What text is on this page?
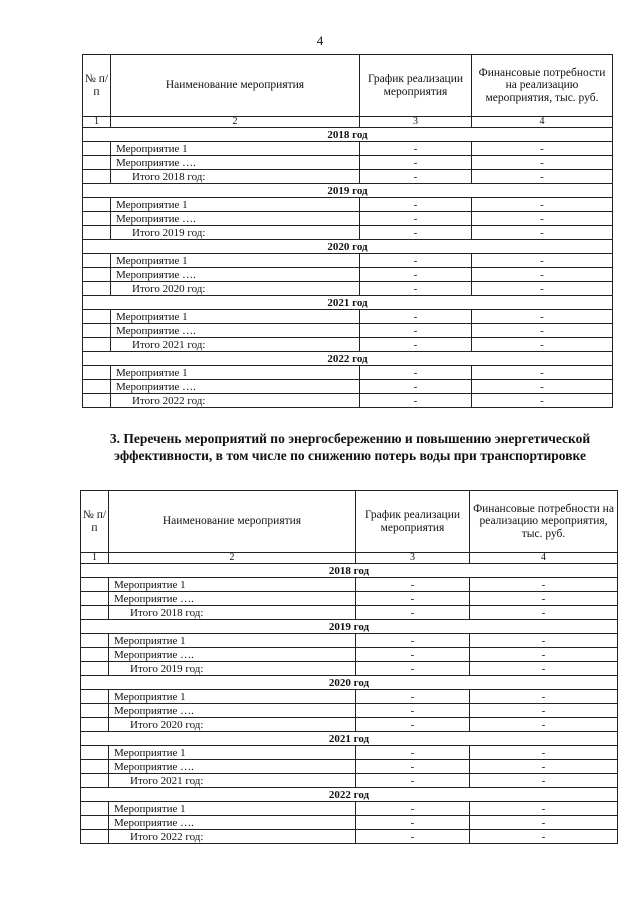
4
№ п/п	Наименование мероприятия	График реализации мероприятия	Финансовые потребности на реализацию мероприятия, тыс. руб.
1	2	3	4
2018 год			
	Мероприятие 1	-	-
	Мероприятие ….	-	-
	Итого 2018 год:	-	-
2019 год			
	Мероприятие 1	-	-
	Мероприятие ….	-	-
	Итого 2019 год:	-	-
2020 год			
	Мероприятие 1	-	-
	Мероприятие ….	-	-
	Итого 2020 год:	-	-
2021 год			
	Мероприятие 1	-	-
	Мероприятие ….	-	-
	Итого 2021 год:	-	-
2022 год			
	Мероприятие 1	-	-
	Мероприятие ….	-	-
	Итого 2022 год:	-	-
3. Перечень мероприятий по энергосбережению и повышению энергетической эффективности, в том числе по снижению потерь воды при транспортировке
№ п/п	Наименование мероприятия	График реализации мероприятия	Финансовые потребности на реализацию мероприятия, тыс. руб.
1	2	3	4
2018 год			
	Мероприятие 1	-	-
	Мероприятие ….	-	-
	Итого 2018 год:	-	-
2019 год			
	Мероприятие 1	-	-
	Мероприятие ….	-	-
	Итого 2019 год:	-	-
2020 год			
	Мероприятие 1	-	-
	Мероприятие ….	-	-
	Итого 2020 год:	-	-
2021 год			
	Мероприятие 1	-	-
	Мероприятие ….	-	-
	Итого 2021 год:	-	-
2022 год			
	Мероприятие 1	-	-
	Мероприятие ….	-	-
	Итого 2022 год:	-	-
